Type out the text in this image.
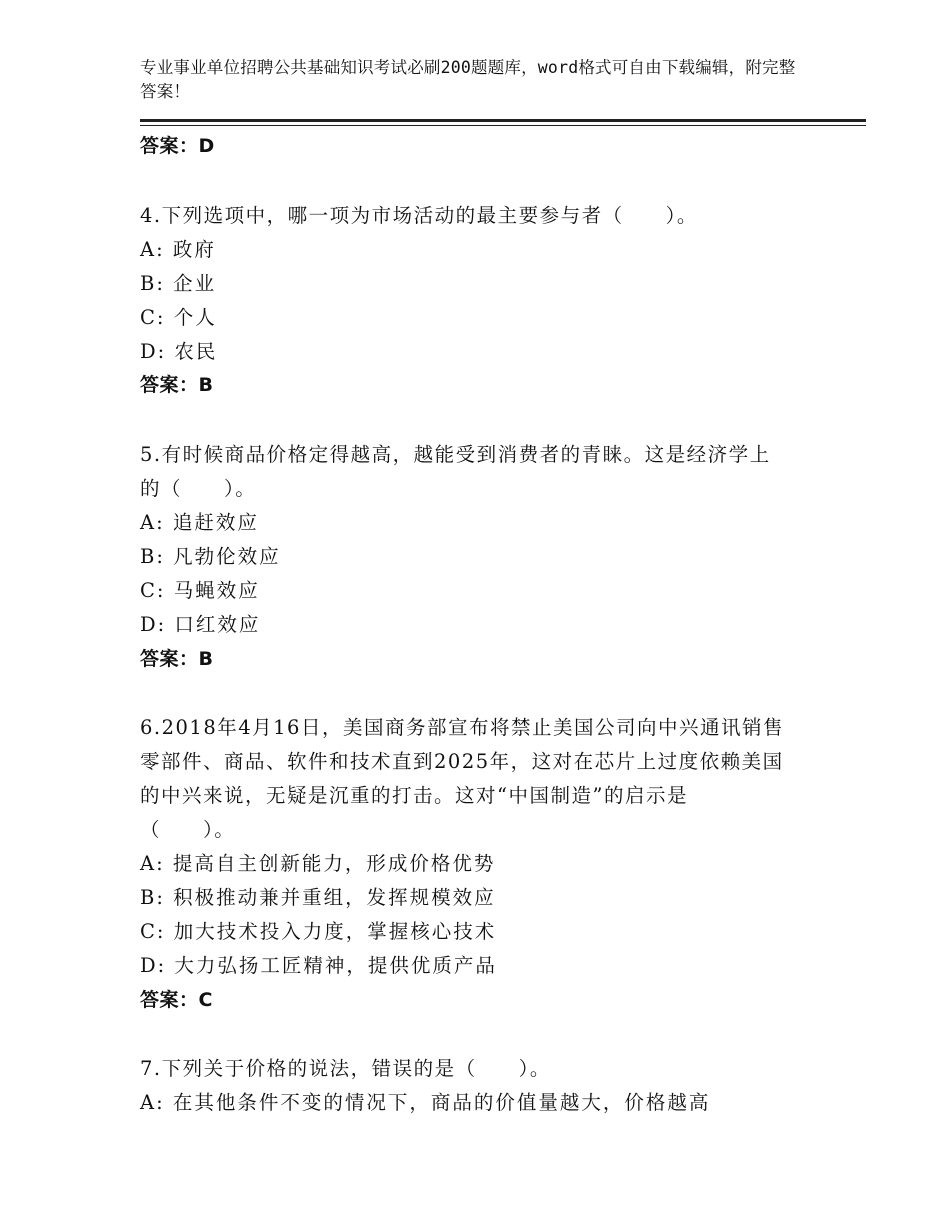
专业事业单位招聘公共基础知识考试必刷200题题库，word格式可自由下载编辑，附完整答案！
答案：D
4.下列选项中，哪一项为市场活动的最主要参与者（　　）。
A: 政府
B: 企业
C: 个人
D: 农民
答案：B
5.有时候商品价格定得越高，越能受到消费者的青睐。这是经济学上
的（　　）。
A: 追赶效应
B: 凡勃伦效应
C: 马蝇效应
D: 口红效应
答案：B
6.2018年4月16日，美国商务部宣布将禁止美国公司向中兴通讯销售
零部件、商品、软件和技术直到2025年，这对在芯片上过度依赖美国
的中兴来说，无疑是沉重的打击。这对“中国制造”的启示是
（　　）。
A: 提高自主创新能力，形成价格优势
B: 积极推动兼并重组，发挥规模效应
C: 加大技术投入力度，掌握核心技术
D: 大力弘扬工匠精神，提供优质产品
答案：C
7.下列关于价格的说法，错误的是（　　）。
A: 在其他条件不变的情况下，商品的价值量越大，价格越高
